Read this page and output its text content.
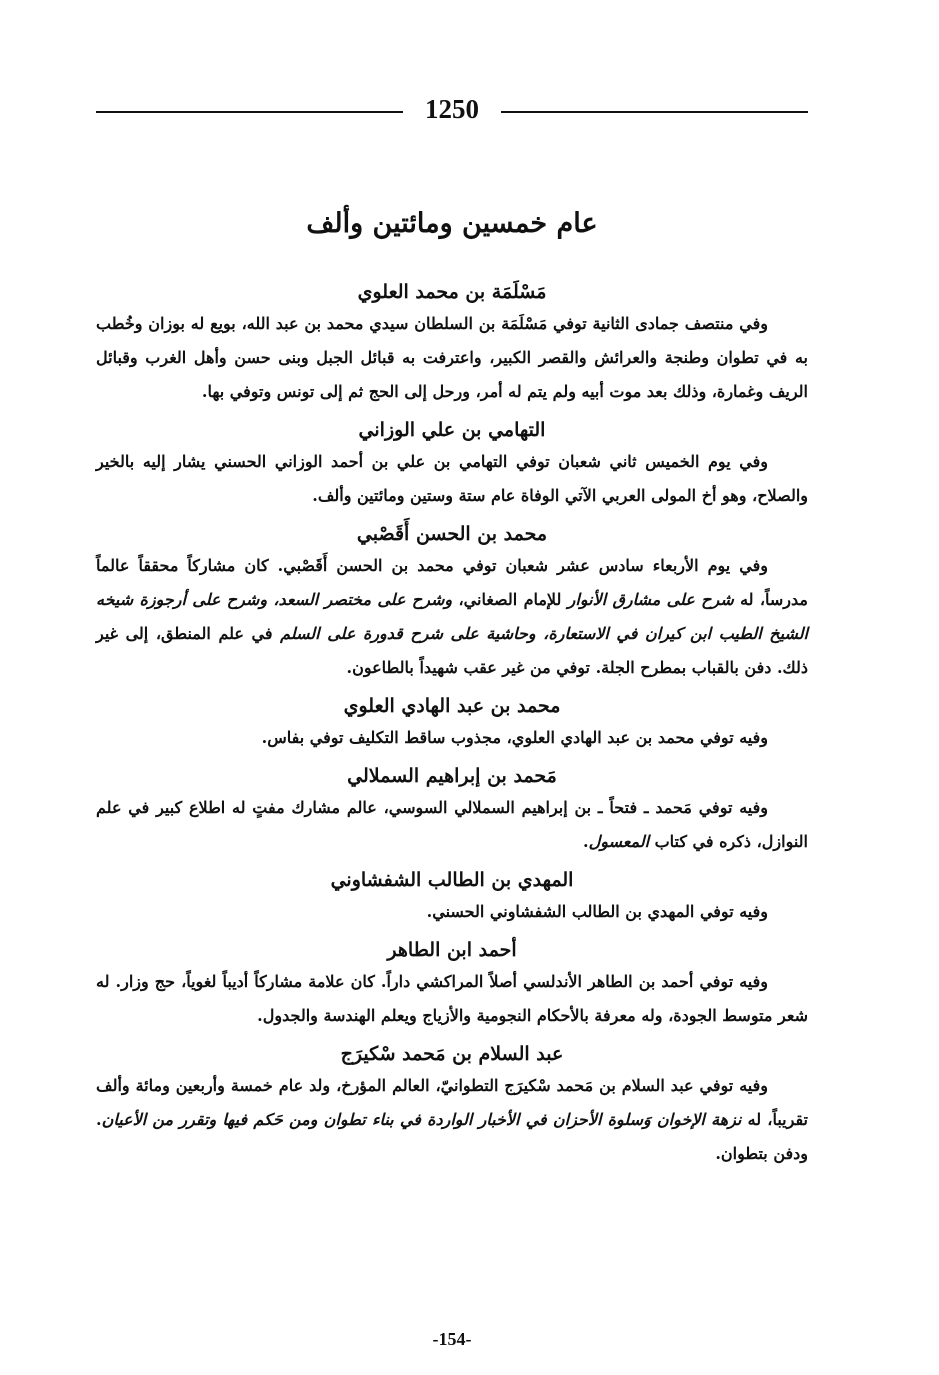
1250
عام خمسين ومائتين وألف
مَسْلَمَة بن محمد العلوي

وفي منتصف جمادى الثانية توفي مَسْلَمَة بن السلطان سيدي محمد بن عبد الله، بويع له بوزان وخُطب به في تطوان وطنجة والعرائش والقصر الكبير، واعترفت به قبائل الجبل وبنى حسن وأهل الغرب وقبائل الريف وغمارة، وذلك بعد موت أبيه ولم يتم له أمر، ورحل إلى الحج ثم إلى تونس وتوفي بها.

التهامي بن علي الوزاني

وفي يوم الخميس ثاني شعبان توفي التهامي بن علي بن أحمد الوزاني الحسني يشار إليه بالخير والصلاح، وهو أخ المولى العربي الآتي الوفاة عام ستة وستين ومائتين وألف.

محمد بن الحسن أَقَصْبي

وفي يوم الأربعاء سادس عشر شعبان توفي محمد بن الحسن أَقَصْبي. كان مشاركاً محققاً عالماً مدرساً، له شرح على مشارق الأنوار للإمام الصغاني، وشرح على مختصر السعد، وشرح على أرجوزة شيخه الشيخ الطيب ابن كيران في الاستعارة، وحاشية على شرح قدورة على السلم في علم المنطق، إلى غير ذلك. دفن بالقباب بمطرح الجلة. توفي من غير عقب شهيداً بالطاعون.

محمد بن عبد الهادي العلوي

وفيه توفي محمد بن عبد الهادي العلوي، مجذوب ساقط التكليف توفي بفاس.

مَحمد بن إبراهيم السملالي

وفيه توفي مَحمد ـ فتحاً ـ بن إبراهيم السملالي السوسي، عالم مشارك مفتٍ له اطلاع كبير في علم النوازل، ذكره في كتاب المعسول.

المهدي بن الطالب الشفشاوني

وفيه توفي المهدي بن الطالب الشفشاوني الحسني.

أحمد ابن الطاهر

وفيه توفي أحمد بن الطاهر الأندلسي أصلاً المراكشي داراً. كان علامة مشاركاً أديباً لغوياً، حج وزار. له شعر متوسط الجودة، وله معرفة بالأحكام النجومية والأزياج ويعلم الهندسة والجدول.

عبد السلام بن مَحمد سْكيرَج

وفيه توفي عبد السلام بن مَحمد سْكيرَج التطوانيّ، العالم المؤرخ، ولد عام خمسة وأربعين ومائة وألف تقريباً، له نزهة الإخوان وَسلوة الأحزان في الأخبار الواردة في بناء تطوان ومن حَكم فيها وتقرر من الأعيان. ودفن بتطوان.

-154-
